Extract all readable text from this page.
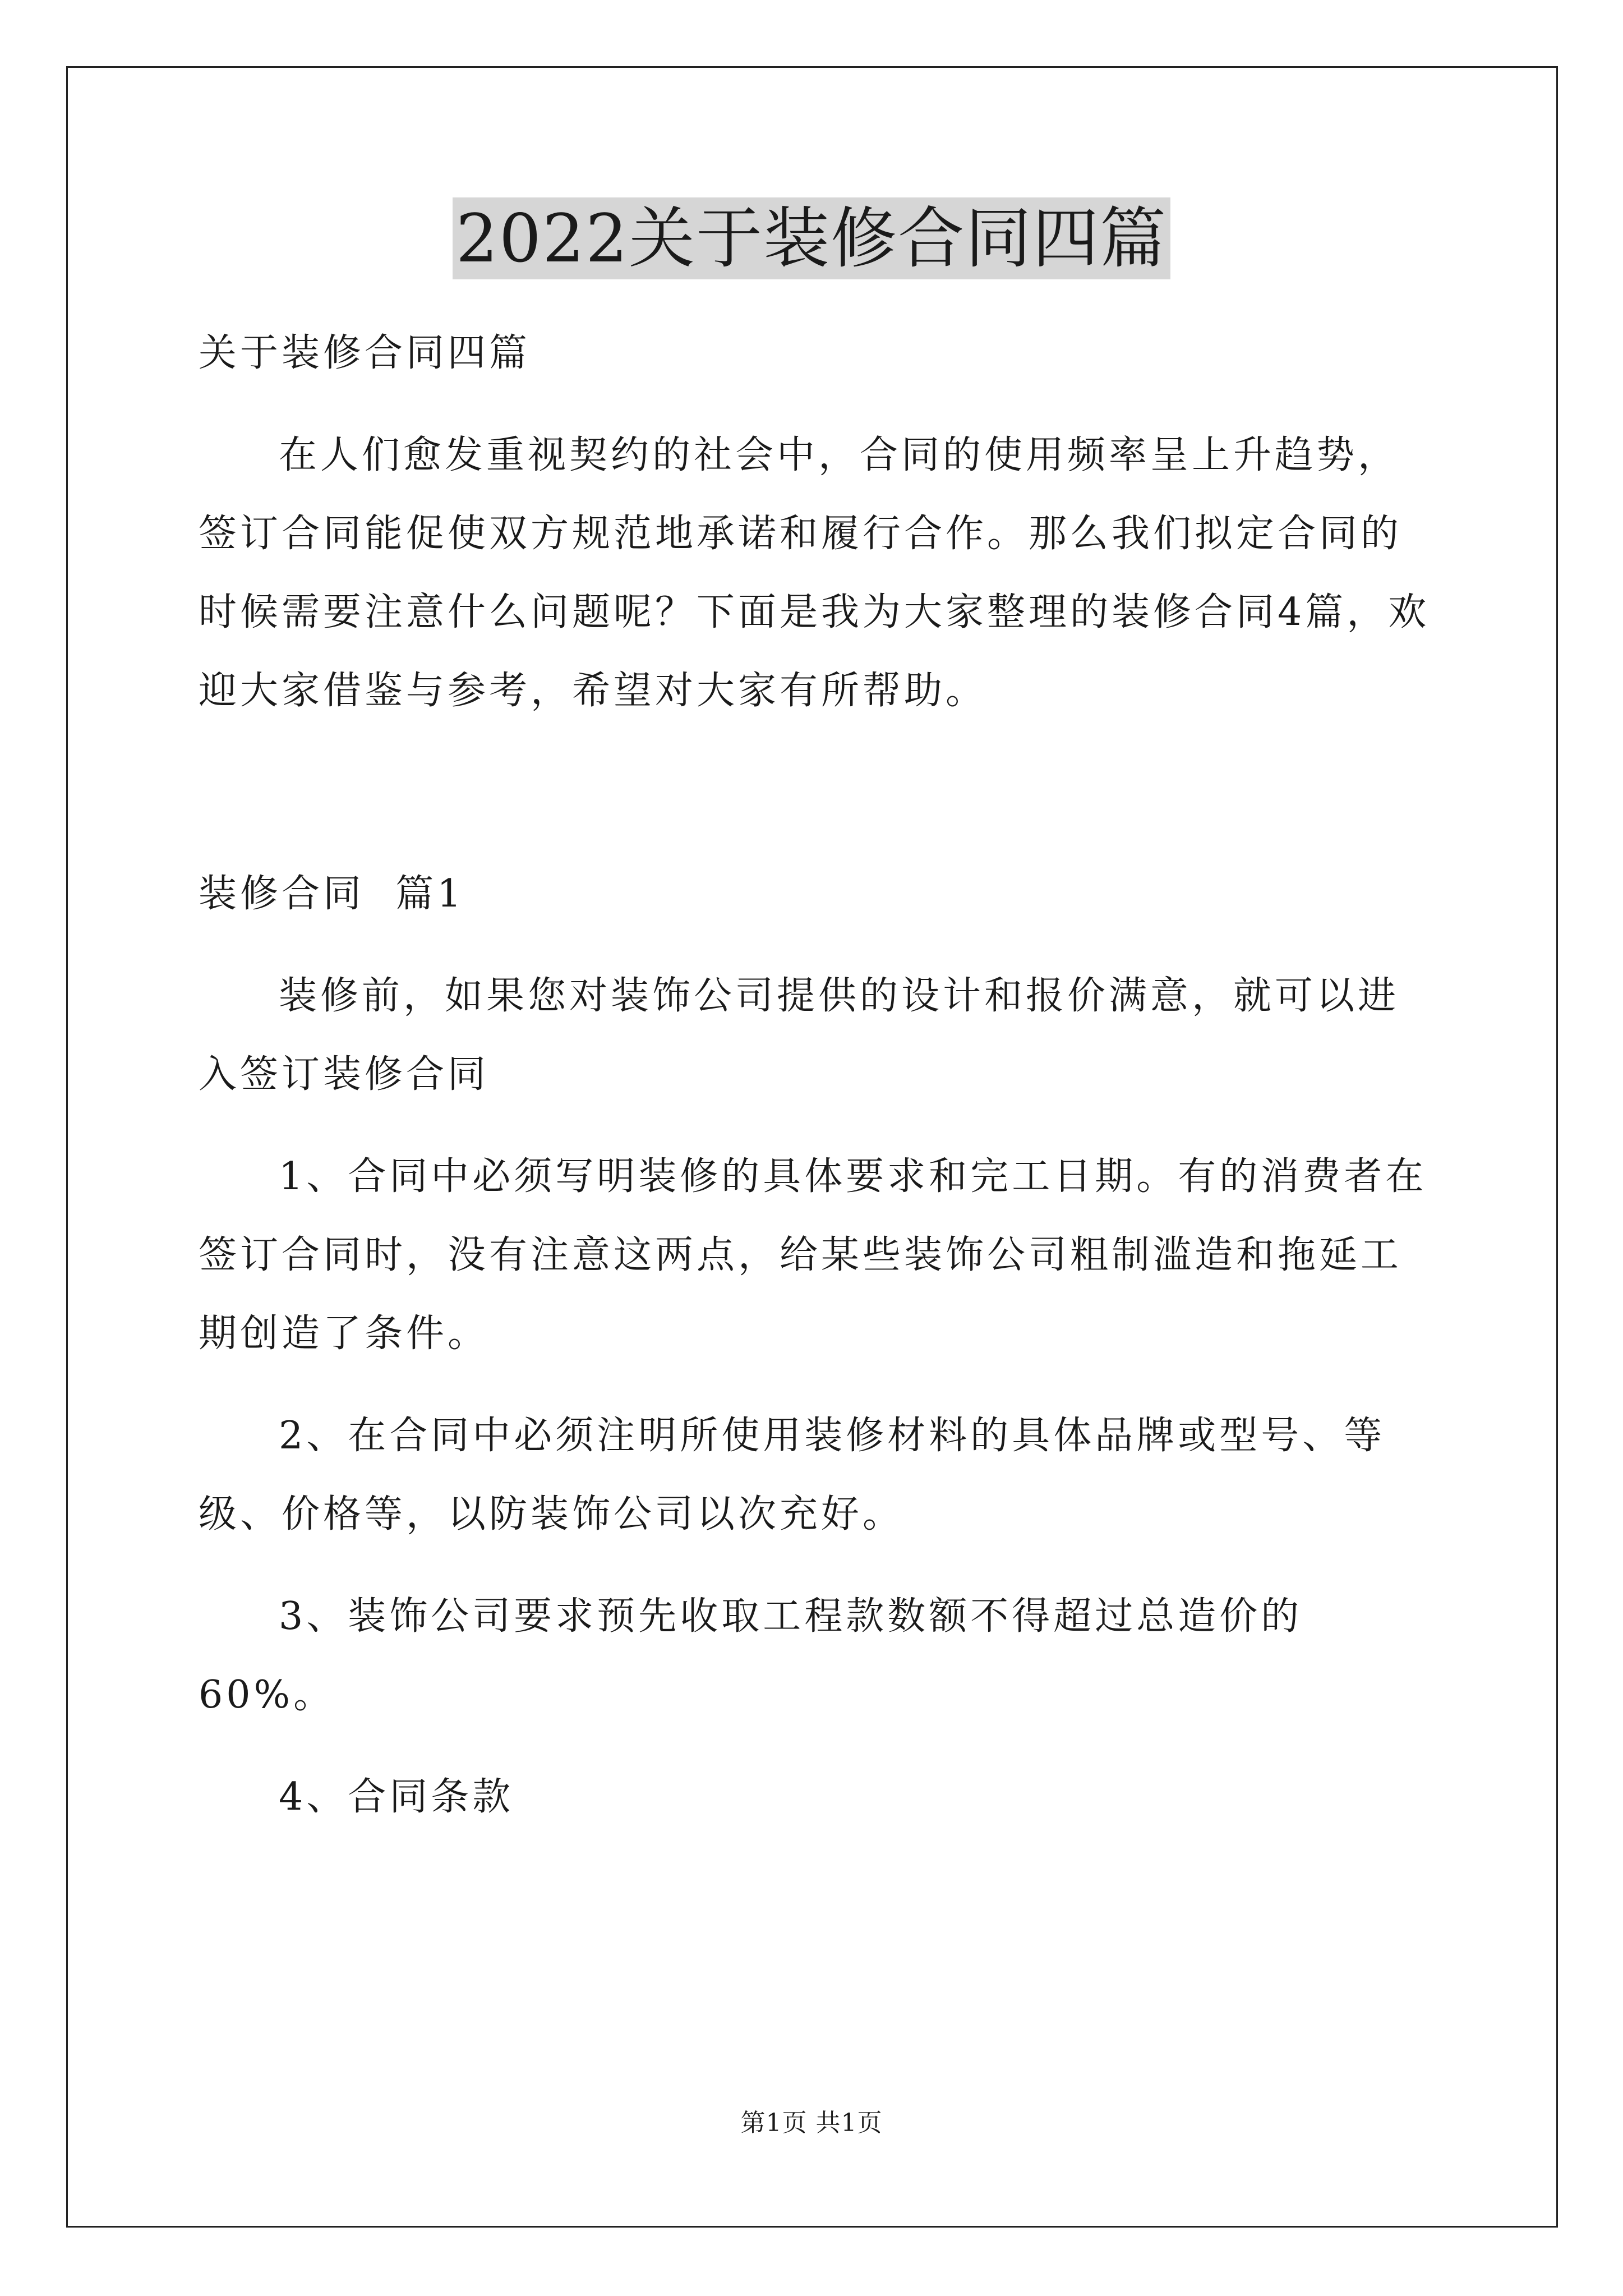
2022关于装修合同四篇

关于装修合同四篇

在人们愈发重视契约的社会中，合同的使用频率呈上升趋势，签订合同能促使双方规范地承诺和履行合作。那么我们拟定合同的时候需要注意什么问题呢？下面是我为大家整理的装修合同4篇，欢迎大家借鉴与参考，希望对大家有所帮助。

装修合同  篇1

装修前，如果您对装饰公司提供的设计和报价满意，就可以进入签订装修合同

1、合同中必须写明装修的具体要求和完工日期。有的消费者在签订合同时，没有注意这两点，给某些装饰公司粗制滥造和拖延工期创造了条件。

2、在合同中必须注明所使用装修材料的具体品牌或型号、等级、价格等，以防装饰公司以次充好。

3、装饰公司要求预先收取工程款数额不得超过总造价的60%。

4、合同条款

第1页 共1页
